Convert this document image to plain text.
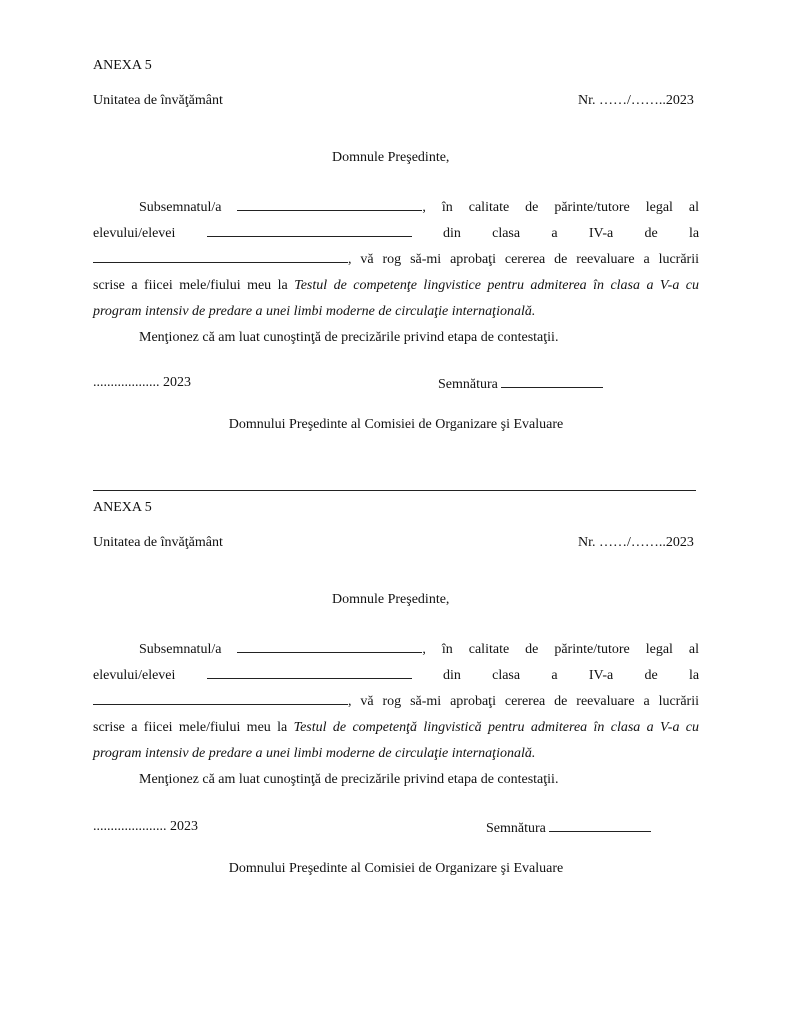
ANEXA 5
Unitatea de învăţământ	Nr. ……/……..2023
Domnule Preşedinte,
Subsemnatul/a	, în calitate de părinte/tutore legal al
elevului/elevei	din clasa a IV-a de la
, vă rog să-mi aprobaţi cererea de reevaluare a lucrării
scrise a fiicei mele/fiului meu la Testul de competenţe lingvistice pentru admiterea în clasa a V-a cu
program intensiv de predare a unei limbi moderne de circulaţie internaţională.
Menţionez că am luat cunoştinţă de precizările privind etapa de contestaţii.
................... 2023	Semnătura
Domnului Preşedinte al Comisiei de Organizare şi Evaluare
ANEXA 5
Unitatea de învăţământ	Nr. ……/……..2023
Domnule Preşedinte,
Subsemnatul/a	, în calitate de părinte/tutore legal al
elevului/elevei	din clasa a IV-a de la
, vă rog să-mi aprobaţi cererea de reevaluare a lucrării
scrise a fiicei mele/fiului meu la Testul de competenţă lingvistică pentru admiterea în clasa a V-a cu
program intensiv de predare a unei limbi moderne de circulaţie internaţională.
Menţionez că am luat cunoştinţă de precizările privind etapa de contestaţii.
..................... 2023	Semnătura
Domnului Preşedinte al Comisiei de Organizare şi Evaluare
